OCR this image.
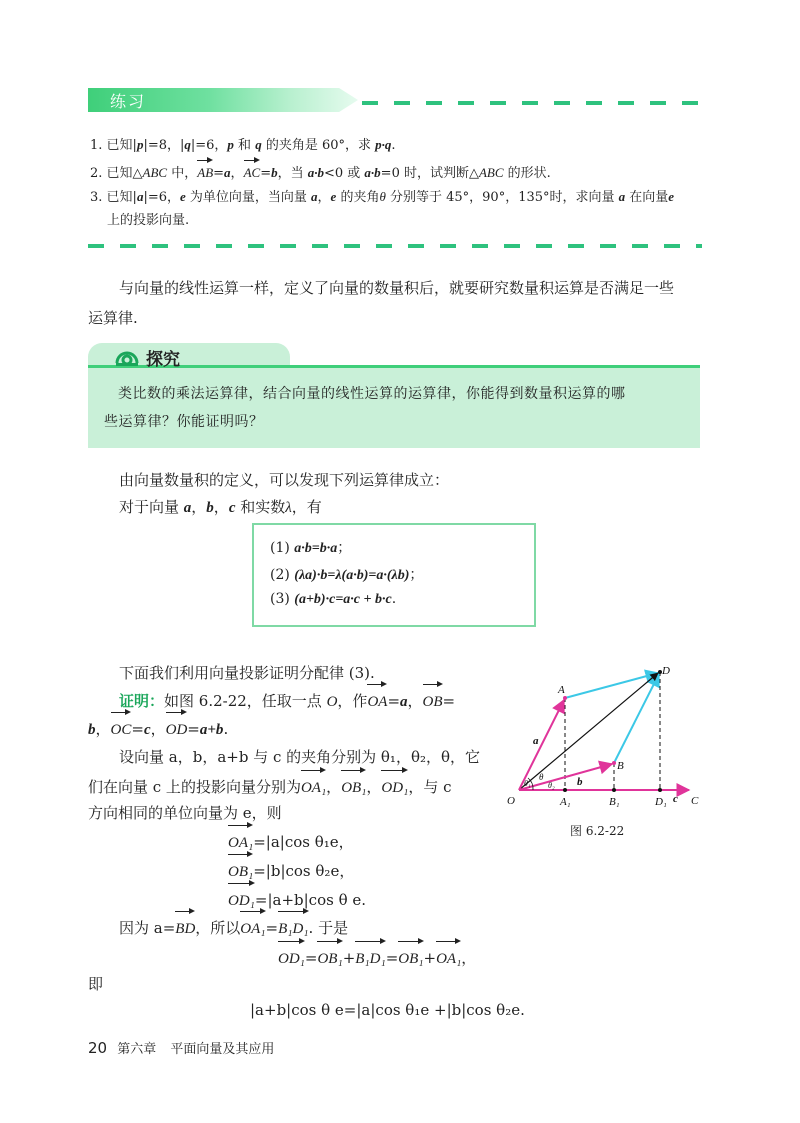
练习
1. 已知|p|=8，|q|=6，p 和 q 的夹角是 60°，求 p·q.
2. 已知△ABC 中，AB=a，AC=b，当 a·b<0 或 a·b=0 时，试判断△ABC 的形状.
3. 已知|a|=6，e 为单位向量，当向量 a，e 的夹角θ 分别等于 45°，90°，135°时，求向量 a 在向量e
上的投影向量.
与向量的线性运算一样，定义了向量的数量积后，就要研究数量积运算是否满足一些
运算律.
探究
类比数的乘法运算律，结合向量的线性运算的运算律，你能得到数量积运算的哪
些运算律？你能证明吗？
由向量数量积的定义，可以发现下列运算律成立：
对于向量 a，b，c 和实数λ，有
(1) a·b=b·a；
(2) (λa)·b=λ(a·b)=a·(λb)；
(3) (a+b)·c=a·c + b·c.
下面我们利用向量投影证明分配律 (3).
证明：如图 6.2-22，任取一点 O，作OA=a，OB=
b，OC=c，OD=a+b.
设向量 a，b，a+b 与 c 的夹角分别为 θ₁，θ₂，θ，它
们在向量 c 上的投影向量分别为OA₁，OB₁，OD₁，与 c
方向相同的单位向量为 e，则
OA₁=|a|cos θ₁e，
OB₁=|b|cos θ₂e，
OD₁=|a+b|cos θ e.
因为 a=BD，所以OA₁=B₁D₁. 于是
OD₁=OB₁+B₁D₁=OB₁+OA₁，
即
|a+b|cos θ e=|a|cos θ₁e +|b|cos θ₂e.
O
A
B
D
C
A₁	B₁	D₁
a
b
c
θ
θ₁ θ₂
图 6.2-22
20 第六章 平面向量及其应用
